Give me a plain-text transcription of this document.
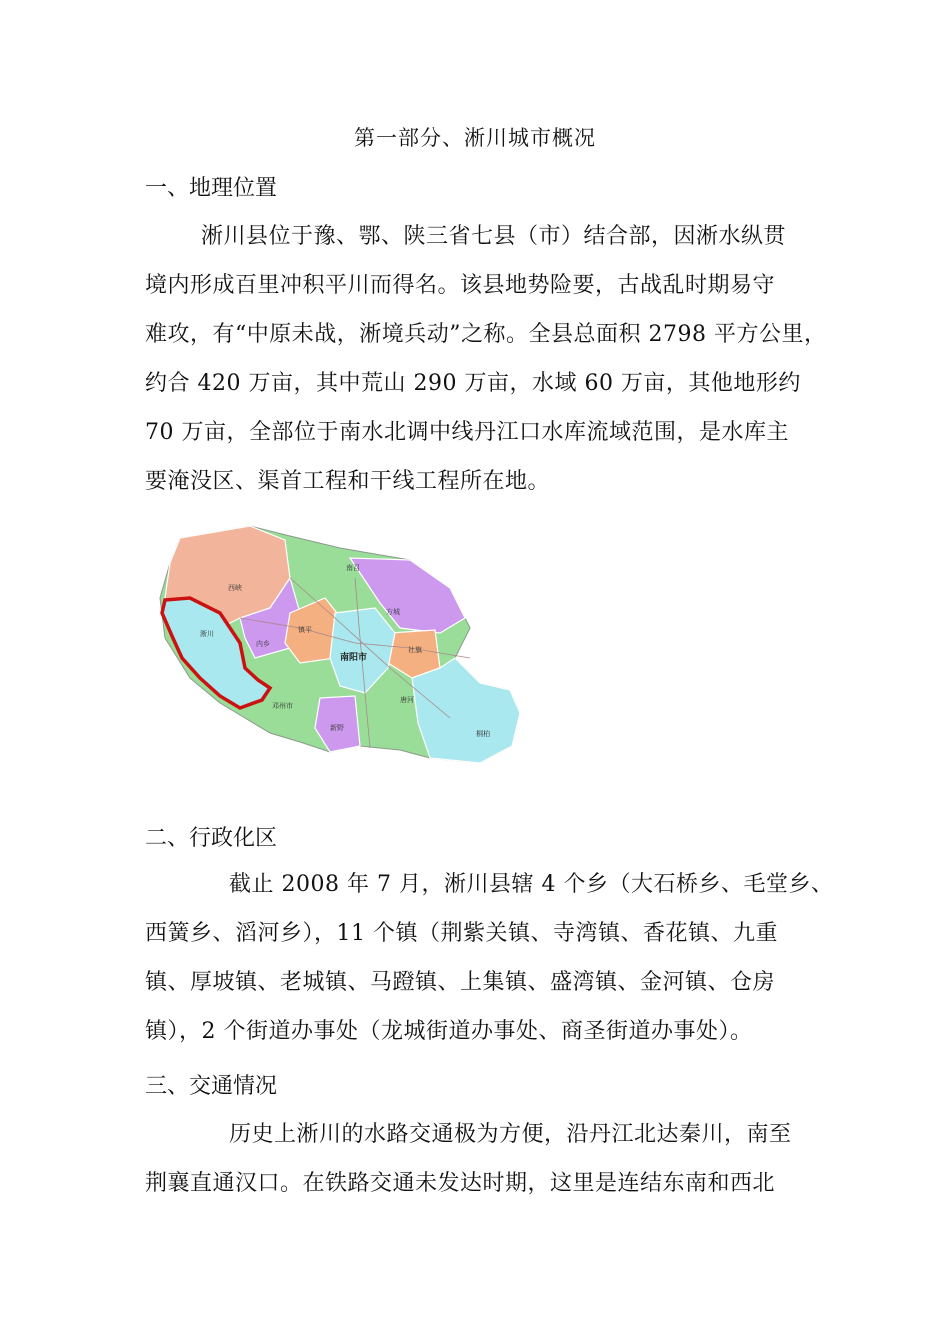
第一部分、淅川城市概况
一、地理位置
淅川县位于豫、鄂、陕三省七县（市）结合部，因淅水纵贯
境内形成百里冲积平川而得名。该县地势险要，古战乱时期易守
难攻，有“中原未战，淅境兵动”之称。全县总面积 2798 平方公里，
约合 420 万亩，其中荒山 290 万亩，水域 60 万亩，其他地形约
70 万亩，全部位于南水北调中线丹江口水库流域范围，是水库主
要淹没区、渠首工程和干线工程所在地。
西峡
淅川
内乡
镇平
南召
方城
社旗
南阳市
唐河
邓州市
新野
桐柏
二、行政化区
截止 2008 年 7 月，淅川县辖 4 个乡（大石桥乡、毛堂乡、
西簧乡、滔河乡），11 个镇（荆紫关镇、寺湾镇、香花镇、九重
镇、厚坡镇、老城镇、马蹬镇、上集镇、盛湾镇、金河镇、仓房
镇），2 个街道办事处（龙城街道办事处、商圣街道办事处）。
三、交通情况
历史上淅川的水路交通极为方便，沿丹江北达秦川，南至
荆襄直通汉口。在铁路交通未发达时期，这里是连结东南和西北
